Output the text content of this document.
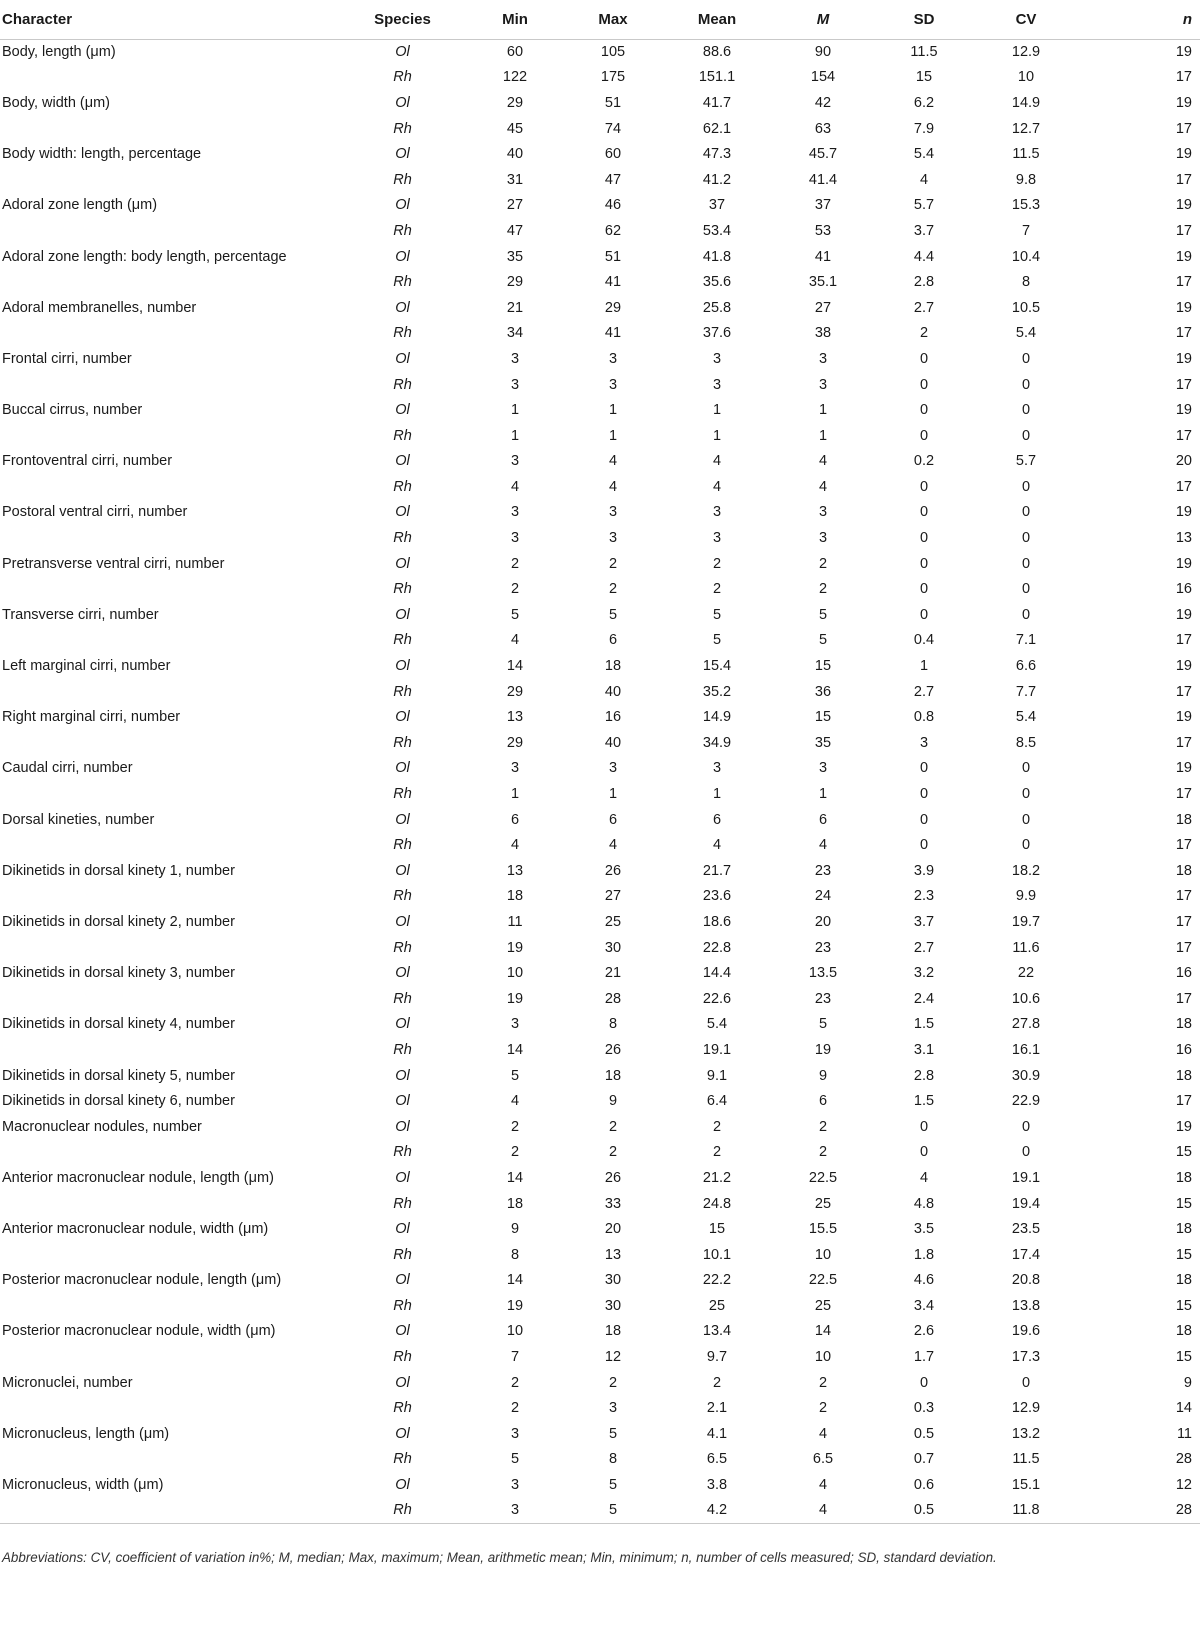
Character	Species	Min	Max	Mean	M	SD	CV	n
Body, length (μm)	Ol	60	105	88.6	90	11.5	12.9	19
	Rh	122	175	151.1	154	15	10	17
Body, width (μm)	Ol	29	51	41.7	42	6.2	14.9	19
	Rh	45	74	62.1	63	7.9	12.7	17
Body width: length, percentage	Ol	40	60	47.3	45.7	5.4	11.5	19
	Rh	31	47	41.2	41.4	4	9.8	17
Adoral zone length (μm)	Ol	27	46	37	37	5.7	15.3	19
	Rh	47	62	53.4	53	3.7	7	17
Adoral zone length: body length, percentage	Ol	35	51	41.8	41	4.4	10.4	19
	Rh	29	41	35.6	35.1	2.8	8	17
Adoral membranelles, number	Ol	21	29	25.8	27	2.7	10.5	19
	Rh	34	41	37.6	38	2	5.4	17
Frontal cirri, number	Ol	3	3	3	3	0	0	19
	Rh	3	3	3	3	0	0	17
Buccal cirrus, number	Ol	1	1	1	1	0	0	19
	Rh	1	1	1	1	0	0	17
Frontoventral cirri, number	Ol	3	4	4	4	0.2	5.7	20
	Rh	4	4	4	4	0	0	17
Postoral ventral cirri, number	Ol	3	3	3	3	0	0	19
	Rh	3	3	3	3	0	0	13
Pretransverse ventral cirri, number	Ol	2	2	2	2	0	0	19
	Rh	2	2	2	2	0	0	16
Transverse cirri, number	Ol	5	5	5	5	0	0	19
	Rh	4	6	5	5	0.4	7.1	17
Left marginal cirri, number	Ol	14	18	15.4	15	1	6.6	19
	Rh	29	40	35.2	36	2.7	7.7	17
Right marginal cirri, number	Ol	13	16	14.9	15	0.8	5.4	19
	Rh	29	40	34.9	35	3	8.5	17
Caudal cirri, number	Ol	3	3	3	3	0	0	19
	Rh	1	1	1	1	0	0	17
Dorsal kineties, number	Ol	6	6	6	6	0	0	18
	Rh	4	4	4	4	0	0	17
Dikinetids in dorsal kinety 1, number	Ol	13	26	21.7	23	3.9	18.2	18
	Rh	18	27	23.6	24	2.3	9.9	17
Dikinetids in dorsal kinety 2, number	Ol	11	25	18.6	20	3.7	19.7	17
	Rh	19	30	22.8	23	2.7	11.6	17
Dikinetids in dorsal kinety 3, number	Ol	10	21	14.4	13.5	3.2	22	16
	Rh	19	28	22.6	23	2.4	10.6	17
Dikinetids in dorsal kinety 4, number	Ol	3	8	5.4	5	1.5	27.8	18
	Rh	14	26	19.1	19	3.1	16.1	16
Dikinetids in dorsal kinety 5, number	Ol	5	18	9.1	9	2.8	30.9	18
Dikinetids in dorsal kinety 6, number	Ol	4	9	6.4	6	1.5	22.9	17
Macronuclear nodules, number	Ol	2	2	2	2	0	0	19
	Rh	2	2	2	2	0	0	15
Anterior macronuclear nodule, length (μm)	Ol	14	26	21.2	22.5	4	19.1	18
	Rh	18	33	24.8	25	4.8	19.4	15
Anterior macronuclear nodule, width (μm)	Ol	9	20	15	15.5	3.5	23.5	18
	Rh	8	13	10.1	10	1.8	17.4	15
Posterior macronuclear nodule, length (μm)	Ol	14	30	22.2	22.5	4.6	20.8	18
	Rh	19	30	25	25	3.4	13.8	15
Posterior macronuclear nodule, width (μm)	Ol	10	18	13.4	14	2.6	19.6	18
	Rh	7	12	9.7	10	1.7	17.3	15
Micronuclei, number	Ol	2	2	2	2	0	0	9
	Rh	2	3	2.1	2	0.3	12.9	14
Micronucleus, length (μm)	Ol	3	5	4.1	4	0.5	13.2	11
	Rh	5	8	6.5	6.5	0.7	11.5	28
Micronucleus, width (μm)	Ol	3	5	3.8	4	0.6	15.1	12
	Rh	3	5	4.2	4	0.5	11.8	28
Abbreviations: CV, coefficient of variation in%; M, median; Max, maximum; Mean, arithmetic mean; Min, minimum; n, number of cells measured; SD, standard deviation.
